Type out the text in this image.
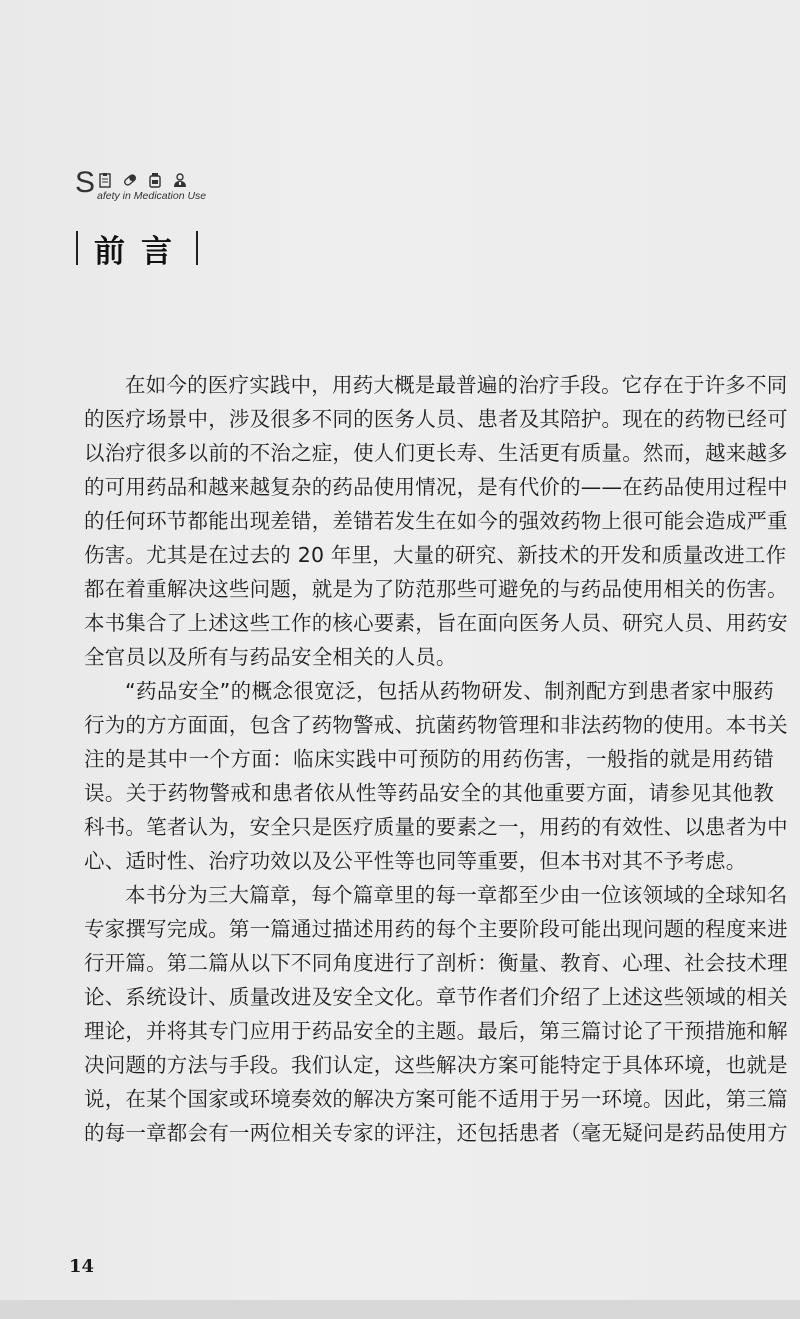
S afety in Medication Use
前言

在如今的医疗实践中，用药大概是最普遍的治疗手段。它存在于许多不同

的医疗场景中，涉及很多不同的医务人员、患者及其陪护。现在的药物已经可

以治疗很多以前的不治之症，使人们更长寿、生活更有质量。然而，越来越多

的可用药品和越来越复杂的药品使用情况，是有代价的——在药品使用过程中

的任何环节都能出现差错，差错若发生在如今的强效药物上很可能会造成严重

伤害。尤其是在过去的 20 年里，大量的研究、新技术的开发和质量改进工作

都在着重解决这些问题，就是为了防范那些可避免的与药品使用相关的伤害。

本书集合了上述这些工作的核心要素，旨在面向医务人员、研究人员、用药安

全官员以及所有与药品安全相关的人员。

“药品安全”的概念很宽泛，包括从药物研发、制剂配方到患者家中服药

行为的方方面面，包含了药物警戒、抗菌药物管理和非法药物的使用。本书关

注的是其中一个方面：临床实践中可预防的用药伤害，一般指的就是用药错

误。关于药物警戒和患者依从性等药品安全的其他重要方面，请参见其他教

科书。笔者认为，安全只是医疗质量的要素之一，用药的有效性、以患者为中

心、适时性、治疗功效以及公平性等也同等重要，但本书对其不予考虑。

本书分为三大篇章，每个篇章里的每一章都至少由一位该领域的全球知名

专家撰写完成。第一篇通过描述用药的每个主要阶段可能出现问题的程度来进

行开篇。第二篇从以下不同角度进行了剖析：衡量、教育、心理、社会技术理

论、系统设计、质量改进及安全文化。章节作者们介绍了上述这些领域的相关

理论，并将其专门应用于药品安全的主题。最后，第三篇讨论了干预措施和解

决问题的方法与手段。我们认定，这些解决方案可能特定于具体环境，也就是

说，在某个国家或环境奏效的解决方案可能不适用于另一环境。因此，第三篇

的每一章都会有一两位相关专家的评注，还包括患者（毫无疑问是药品使用方

14
